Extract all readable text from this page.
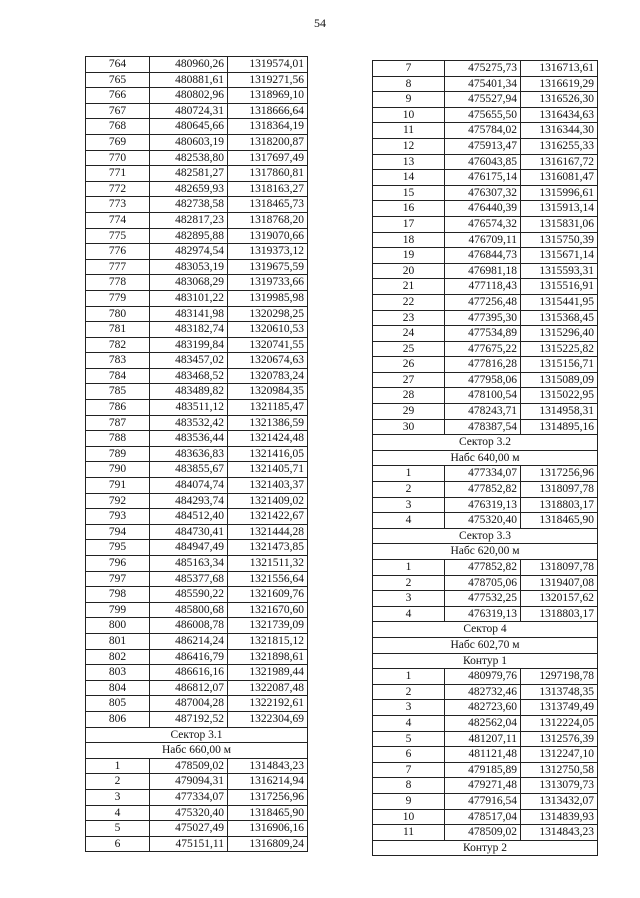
54
764	480960,26	1319574,01
765	480881,61	1319271,56
766	480802,96	1318969,10
767	480724,31	1318666,64
768	480645,66	1318364,19
769	480603,19	1318200,87
770	482538,80	1317697,49
771	482581,27	1317860,81
772	482659,93	1318163,27
773	482738,58	1318465,73
774	482817,23	1318768,20
775	482895,88	1319070,66
776	482974,54	1319373,12
777	483053,19	1319675,59
778	483068,29	1319733,66
779	483101,22	1319985,98
780	483141,98	1320298,25
781	483182,74	1320610,53
782	483199,84	1320741,55
783	483457,02	1320674,63
784	483468,52	1320783,24
785	483489,82	1320984,35
786	483511,12	1321185,47
787	483532,42	1321386,59
788	483536,44	1321424,48
789	483636,83	1321416,05
790	483855,67	1321405,71
791	484074,74	1321403,37
792	484293,74	1321409,02
793	484512,40	1321422,67
794	484730,41	1321444,28
795	484947,49	1321473,85
796	485163,34	1321511,32
797	485377,68	1321556,64
798	485590,22	1321609,76
799	485800,68	1321670,60
800	486008,78	1321739,09
801	486214,24	1321815,12
802	486416,79	1321898,61
803	486616,16	1321989,44
804	486812,07	1322087,48
805	487004,28	1322192,61
806	487192,52	1322304,69
Сектор 3.1		
Набс 660,00 м		
1	478509,02	1314843,23
2	479094,31	1316214,94
3	477334,07	1317256,96
4	475320,40	1318465,90
5	475027,49	1316906,16
6	475151,11	1316809,24
7	475275,73	1316713,61
8	475401,34	1316619,29
9	475527,94	1316526,30
10	475655,50	1316434,63
11	475784,02	1316344,30
12	475913,47	1316255,33
13	476043,85	1316167,72
14	476175,14	1316081,47
15	476307,32	1315996,61
16	476440,39	1315913,14
17	476574,32	1315831,06
18	476709,11	1315750,39
19	476844,73	1315671,14
20	476981,18	1315593,31
21	477118,43	1315516,91
22	477256,48	1315441,95
23	477395,30	1315368,45
24	477534,89	1315296,40
25	477675,22	1315225,82
26	477816,28	1315156,71
27	477958,06	1315089,09
28	478100,54	1315022,95
29	478243,71	1314958,31
30	478387,54	1314895,16
Сектор 3.2		
Набс 640,00 м		
1	477334,07	1317256,96
2	477852,82	1318097,78
3	476319,13	1318803,17
4	475320,40	1318465,90
Сектор 3.3		
Набс 620,00 м		
1	477852,82	1318097,78
2	478705,06	1319407,08
3	477532,25	1320157,62
4	476319,13	1318803,17
Сектор 4		
Набс 602,70 м		
Контур 1		
1	480979,76	1297198,78
2	482732,46	1313748,35
3	482723,60	1313749,49
4	482562,04	1312224,05
5	481207,11	1312576,39
6	481121,48	1312247,10
7	479185,89	1312750,58
8	479271,48	1313079,73
9	477916,54	1313432,07
10	478517,04	1314839,93
11	478509,02	1314843,23
Контур 2		
